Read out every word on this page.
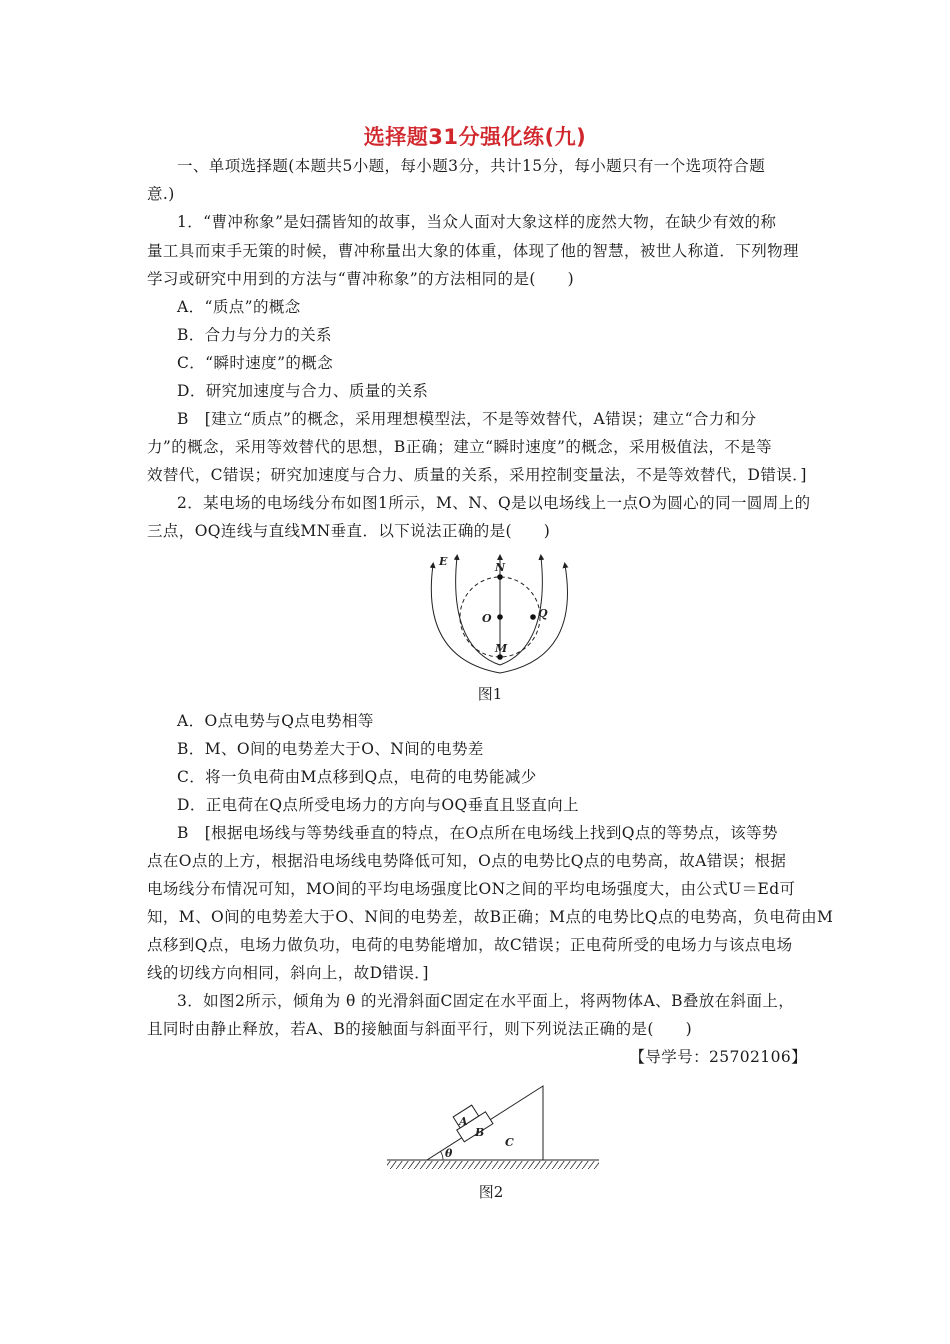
选择题31分强化练(九)
一、单项选择题(本题共5小题，每小题3分，共计15分，每小题只有一个选项符合题
意.)
1．“曹冲称象”是妇孺皆知的故事，当众人面对大象这样的庞然大物，在缺少有效的称
量工具而束手无策的时候，曹冲称量出大象的体重，体现了他的智慧，被世人称道．下列物理
学习或研究中用到的方法与“曹冲称象”的方法相同的是(　　)
A．“质点”的概念
B．合力与分力的关系
C．“瞬时速度”的概念
D．研究加速度与合力、质量的关系
B　[建立“质点”的概念，采用理想模型法，不是等效替代，A错误；建立“合力和分
力”的概念，采用等效替代的思想，B正确；建立“瞬时速度”的概念，采用极值法，不是等
效替代，C错误；研究加速度与合力、质量的关系，采用控制变量法，不是等效替代，D错误．]
2．某电场的电场线分布如图1所示，M、N、Q是以电场线上一点O为圆心的同一圆周上的
三点，OQ连线与直线MN垂直．以下说法正确的是(　　)
E	N
O	Q
M
图1
A．O点电势与Q点电势相等
B．M、O间的电势差大于O、N间的电势差
C．将一负电荷由M点移到Q点，电荷的电势能减少
D．正电荷在Q点所受电场力的方向与OQ垂直且竖直向上
B　[根据电场线与等势线垂直的特点，在O点所在电场线上找到Q点的等势点，该等势
点在O点的上方，根据沿电场线电势降低可知，O点的电势比Q点的电势高，故A错误；根据
电场线分布情况可知，MO间的平均电场强度比ON之间的平均电场强度大，由公式U＝Ed可
知，M、O间的电势差大于O、N间的电势差，故B正确；M点的电势比Q点的电势高，负电荷由M
点移到Q点，电场力做负功，电荷的电势能增加，故C错误；正电荷所受的电场力与该点电场
线的切线方向相同，斜向上，故D错误．]
3．如图2所示，倾角为 θ 的光滑斜面C固定在水平面上，将两物体A、B叠放在斜面上，
且同时由静止释放，若A、B的接触面与斜面平行，则下列说法正确的是(　　)
【导学号：25702106】
A
B
C
θ
图2
